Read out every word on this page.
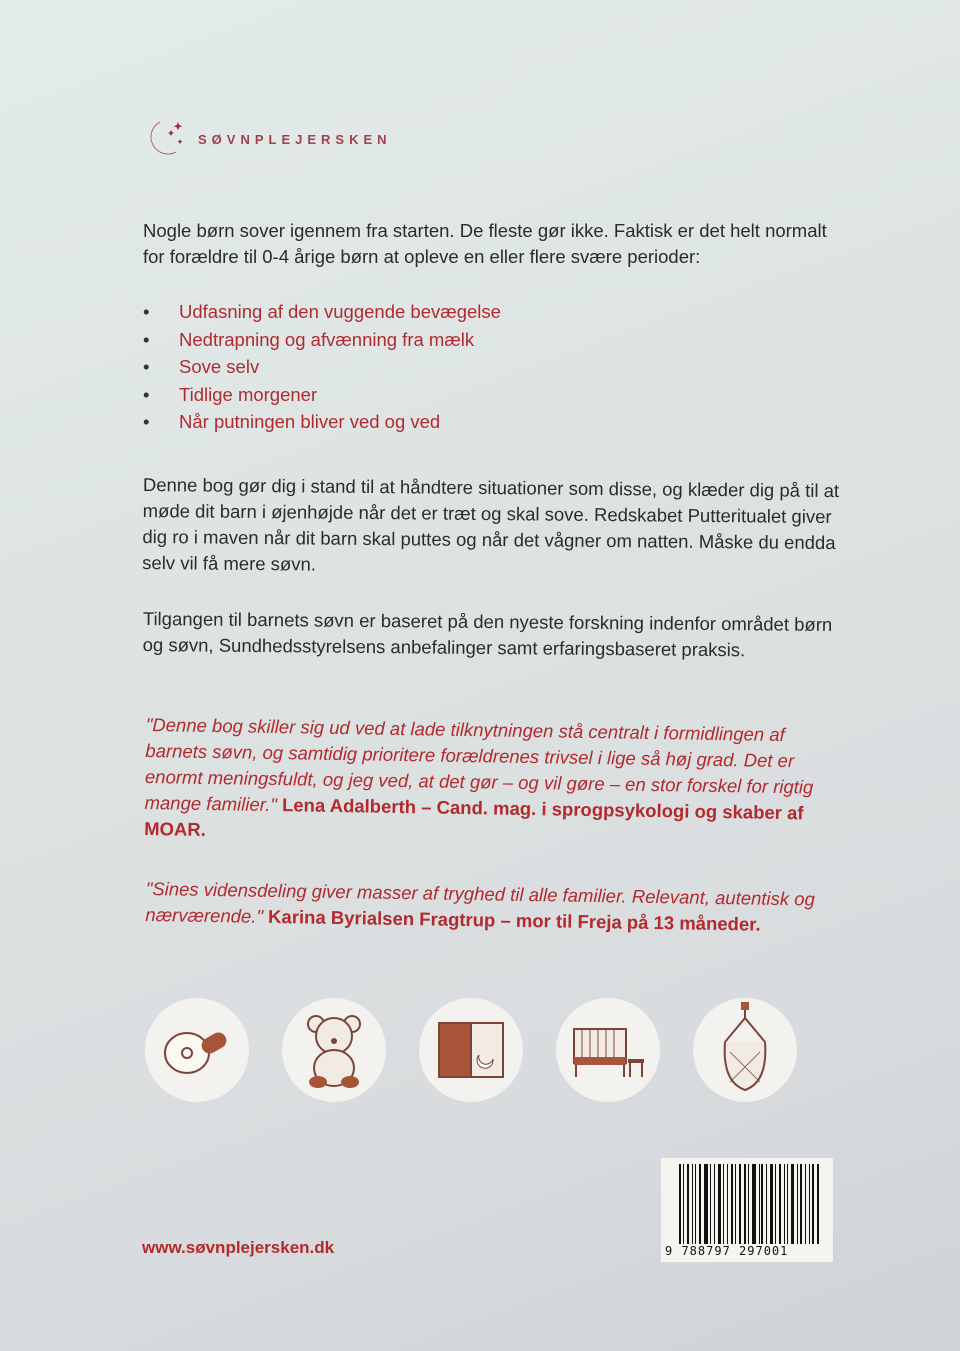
SØVNPLEJERSKEN
Nogle børn sover igennem fra starten. De fleste gør ikke. Faktisk er det helt normalt for forældre til 0-4 årige børn at opleve en eller flere svære perioder:
•	Udfasning af den vuggende bevægelse
•	Nedtrapning og afvænning fra mælk
•	Sove selv
•	Tidlige morgener
•	Når putningen bliver ved og ved
Denne bog gør dig i stand til at håndtere situationer som disse, og klæder dig på til at møde dit barn i øjenhøjde når det er træt og skal sove. Redskabet Putteritualet giver dig ro i maven når dit barn skal puttes og når det vågner om natten. Måske du endda selv vil få mere søvn.
Tilgangen til barnets søvn er baseret på den nyeste forskning indenfor området børn og søvn, Sundhedsstyrelsens anbefalinger samt erfaringsbaseret praksis.
"Denne bog skiller sig ud ved at lade tilknytningen stå centralt i formidlingen af barnets søvn, og samtidig prioritere forældrenes trivsel i lige så høj grad. Det er enormt meningsfuldt, og jeg ved, at det gør – og vil gøre – en stor forskel for rigtig mange familier." Lena Adalberth – Cand. mag. i sprogpsykologi og skaber af MOAR.
"Sines vidensdeling giver masser af tryghed til alle familier. Relevant, autentisk og nærværende." Karina Byrialsen Fragtrup – mor til Freja på 13 måneder.
www.søvnplejersken.dk	9 788797 297001
